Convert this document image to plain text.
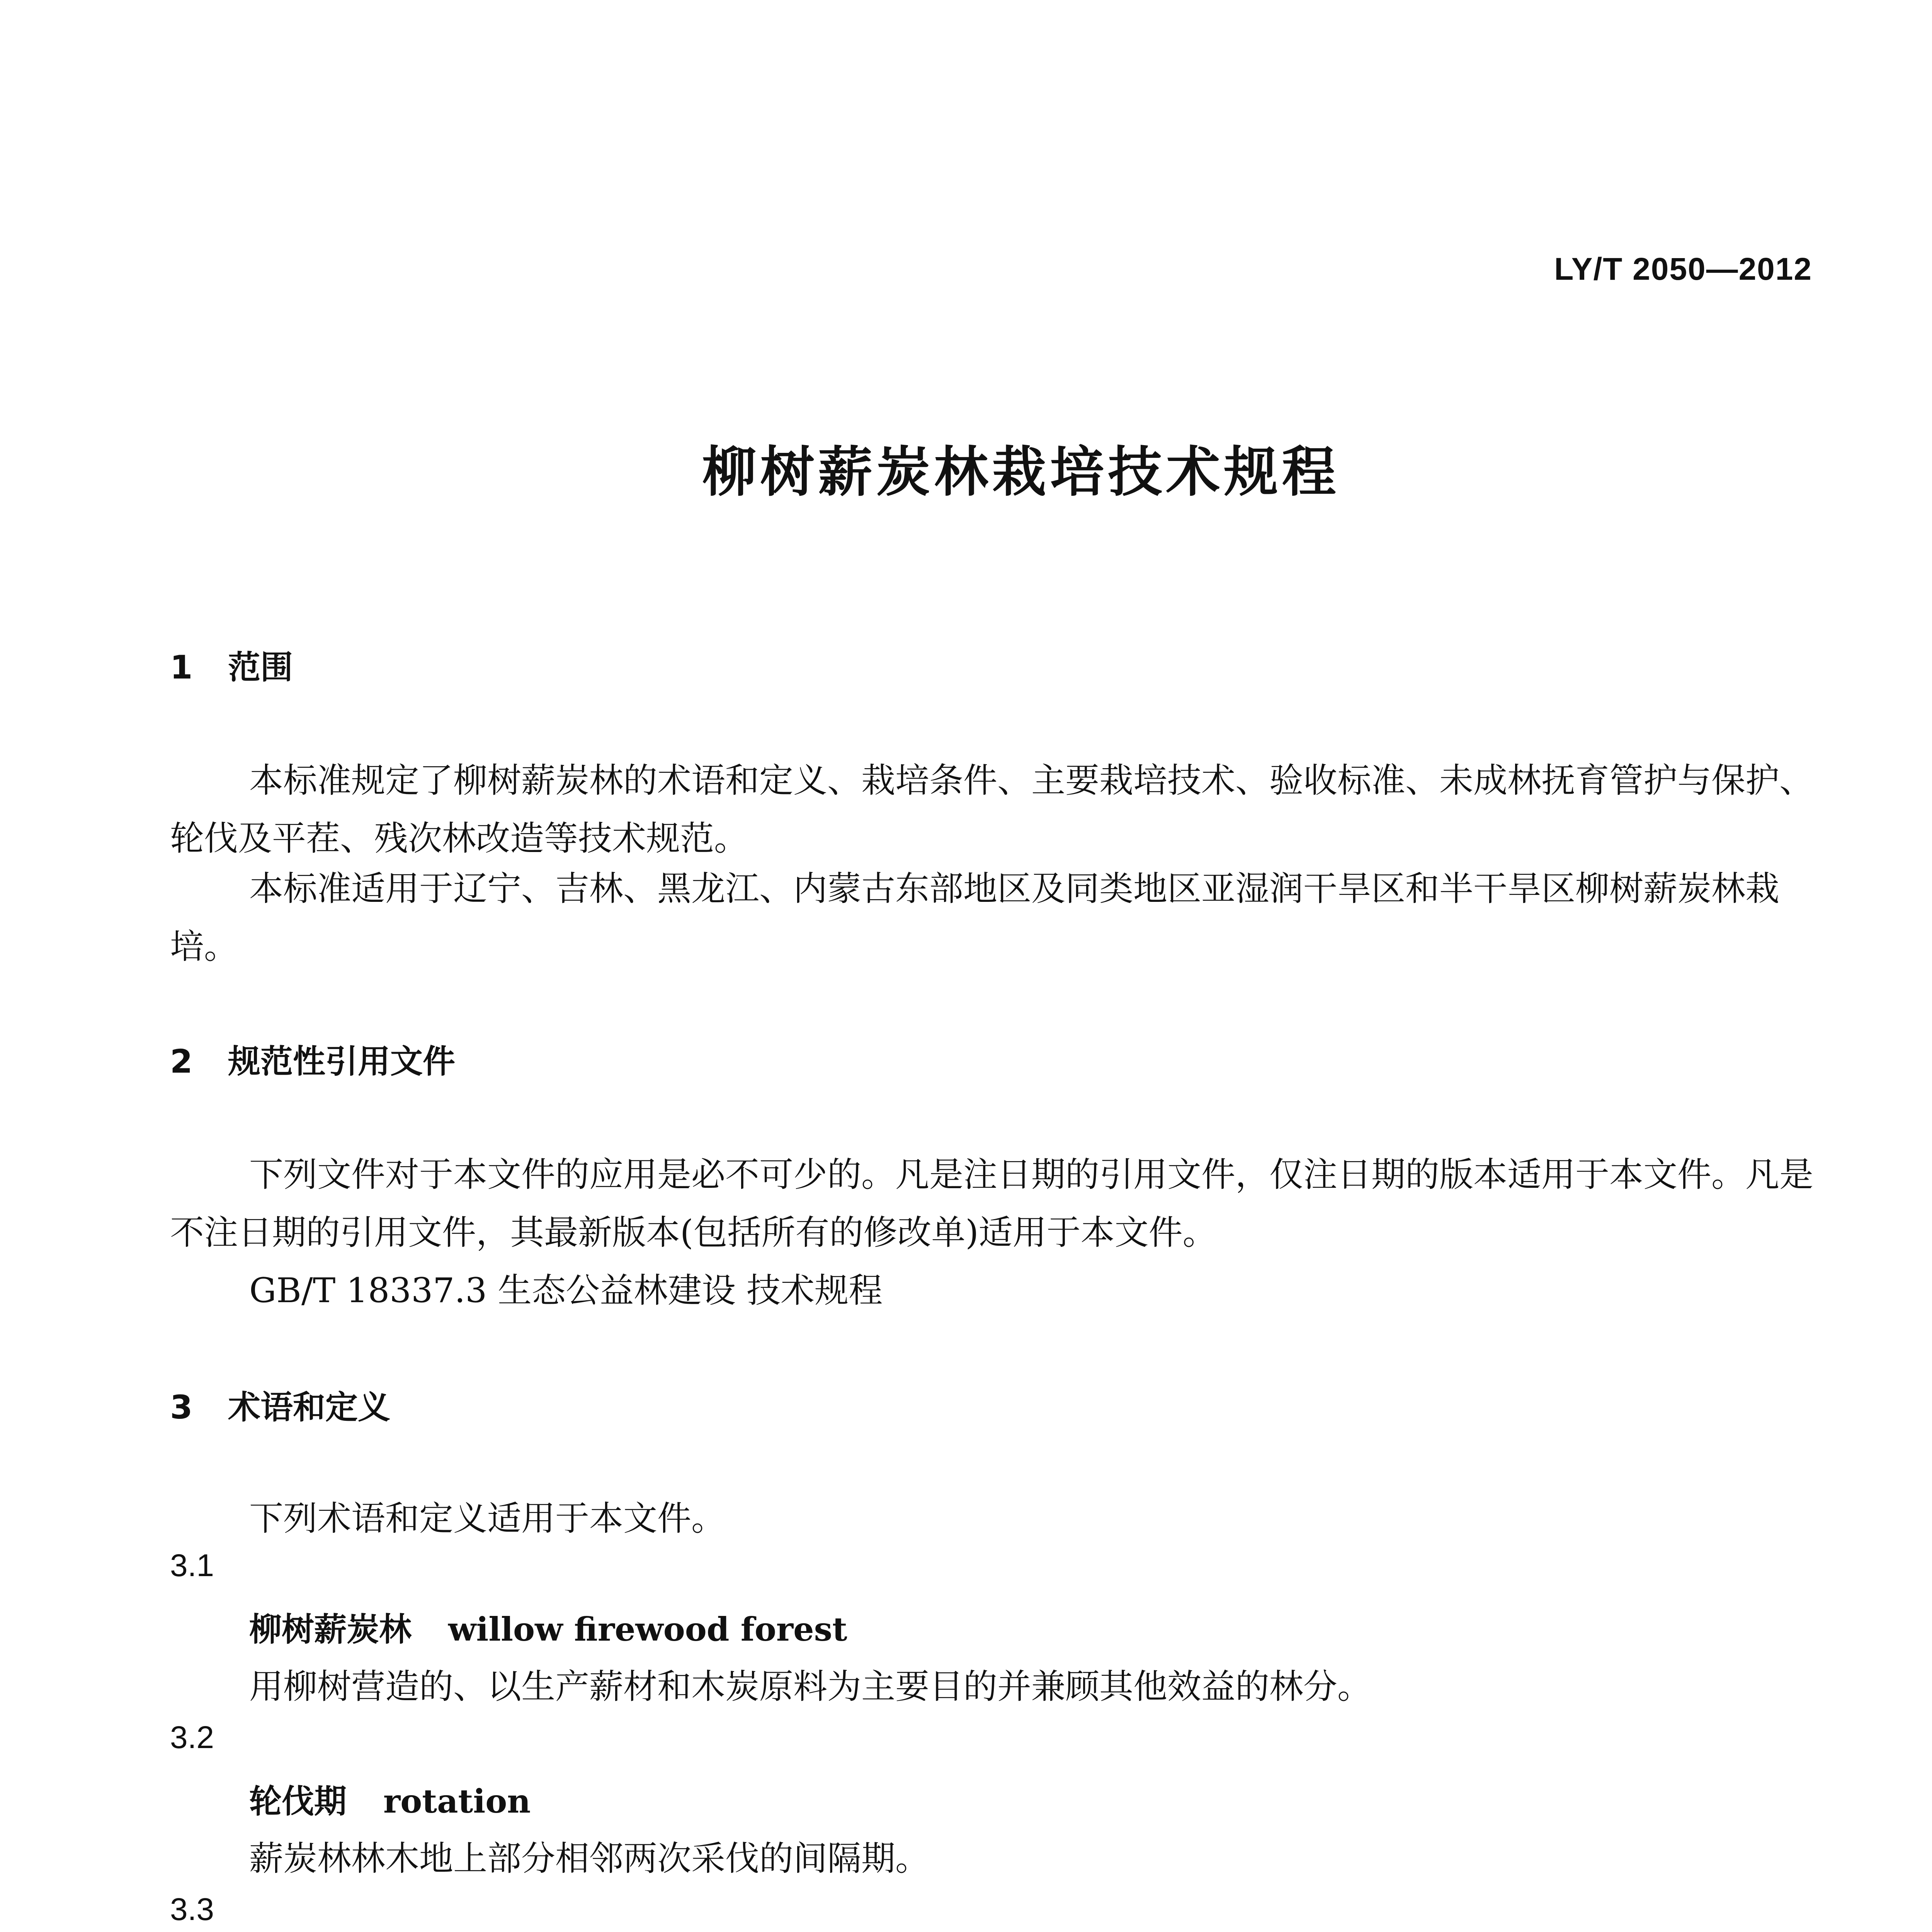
LY/T 2050—2012
柳树薪炭林栽培技术规程
1 范围
本标准规定了柳树薪炭林的术语和定义、栽培条件、主要栽培技术、验收标准、未成林抚育管护与保护、轮伐及平茬、残次林改造等技术规范。
本标准适用于辽宁、吉林、黑龙江、内蒙古东部地区及同类地区亚湿润干旱区和半干旱区柳树薪炭林栽培。
2 规范性引用文件
下列文件对于本文件的应用是必不可少的。凡是注日期的引用文件，仅注日期的版本适用于本文件。凡是不注日期的引用文件，其最新版本(包括所有的修改单)适用于本文件。
GB/T 18337.3 生态公益林建设 技术规程
3 术语和定义
下列术语和定义适用于本文件。
3.1
柳树薪炭林 willow firewood forest
用柳树营造的、以生产薪材和木炭原料为主要目的并兼顾其他效益的林分。
3.2
轮伐期 rotation
薪炭林林木地上部分相邻两次采伐的间隔期。
3.3
